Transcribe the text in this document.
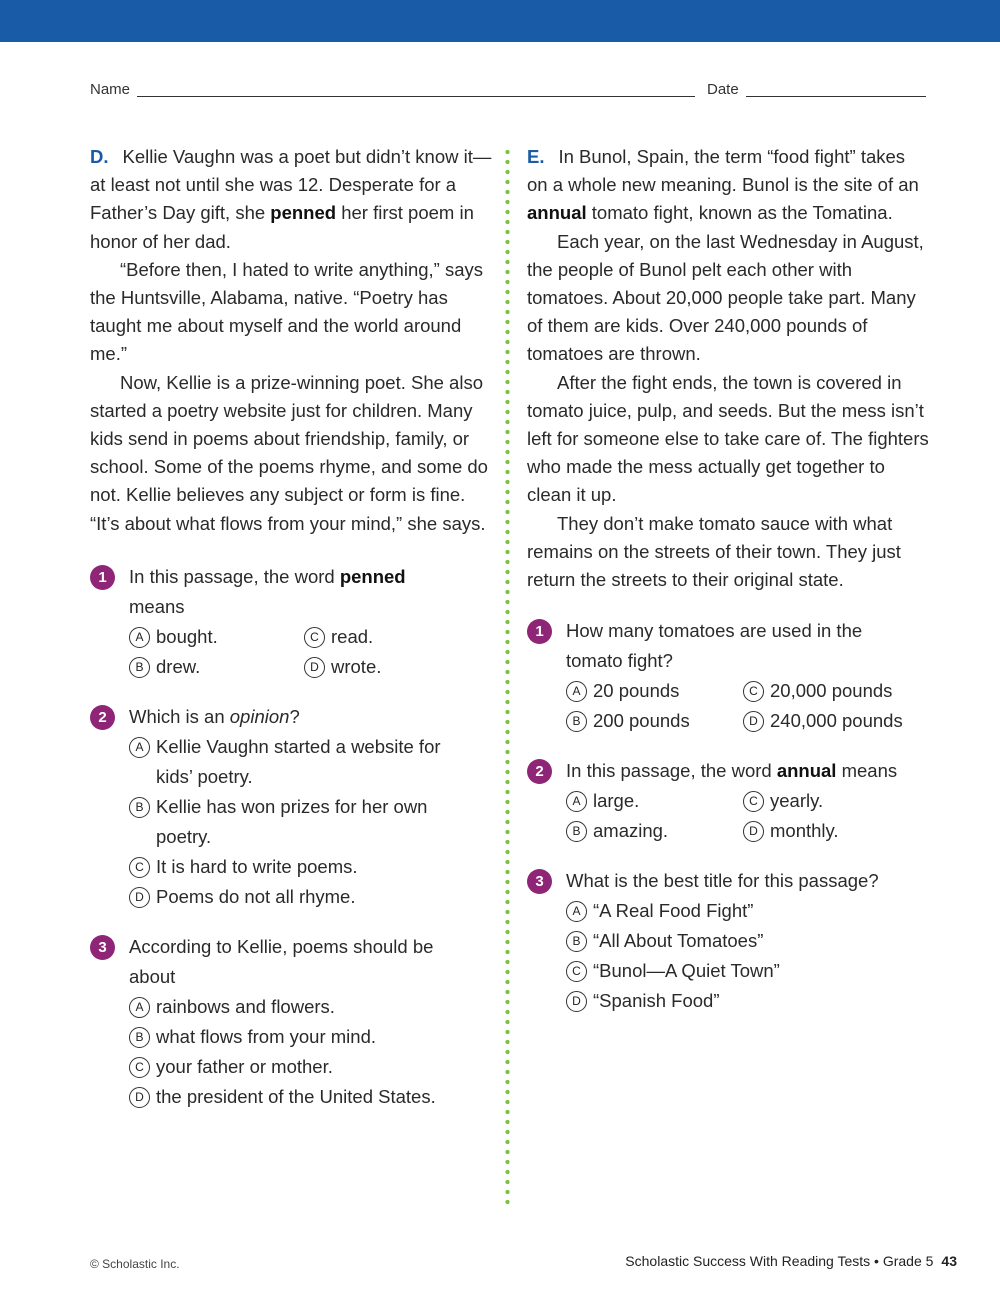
Name	Date

D. Kellie Vaughn was a poet but didn’t know it—at least not until she was 12. Desperate for a Father’s Day gift, she penned her first poem in honor of her dad.

“Before then, I hated to write anything,” says the Huntsville, Alabama, native. “Poetry has taught me about myself and the world around me.”

Now, Kellie is a prize-winning poet. She also started a poetry website just for children. Many kids send in poems about friendship, family, or school. Some of the poems rhyme, and some do not. Kellie believes any subject or form is fine. “It’s about what flows from your mind,” she says.

1	In this passage, the word penned
means
A bought.	C read.
B drew.	D wrote.
2	Which is an opinion?
A Kellie Vaughn started a website for kids’ poetry.
B Kellie has won prizes for her own poetry.
C It is hard to write poems.
D Poems do not all rhyme.
3	According to Kellie, poems should be about
A rainbows and flowers.
B what flows from your mind.
C your father or mother.
D the president of the United States.

E. In Bunol, Spain, the term “food fight” takes on a whole new meaning. Bunol is the site of an annual tomato fight, known as the Tomatina.

Each year, on the last Wednesday in August, the people of Bunol pelt each other with tomatoes. About 20,000 people take part. Many of them are kids. Over 240,000 pounds of tomatoes are thrown.

After the fight ends, the town is covered in tomato juice, pulp, and seeds. But the mess isn’t left for someone else to take care of. The fighters who made the mess actually get together to clean it up.

They don’t make tomato sauce with what remains on the streets of their town. They just return the streets to their original state.

1	How many tomatoes are used in the tomato fight?
A 20 pounds	C 20,000 pounds
B 200 pounds	D 240,000 pounds
2	In this passage, the word annual means
A large.	C yearly.
B amazing.	D monthly.
3	What is the best title for this passage?
A “A Real Food Fight”
B “All About Tomatoes”
C “Bunol—A Quiet Town”
D “Spanish Food”
© Scholastic Inc.	Scholastic Success With Reading Tests • Grade 5 43
